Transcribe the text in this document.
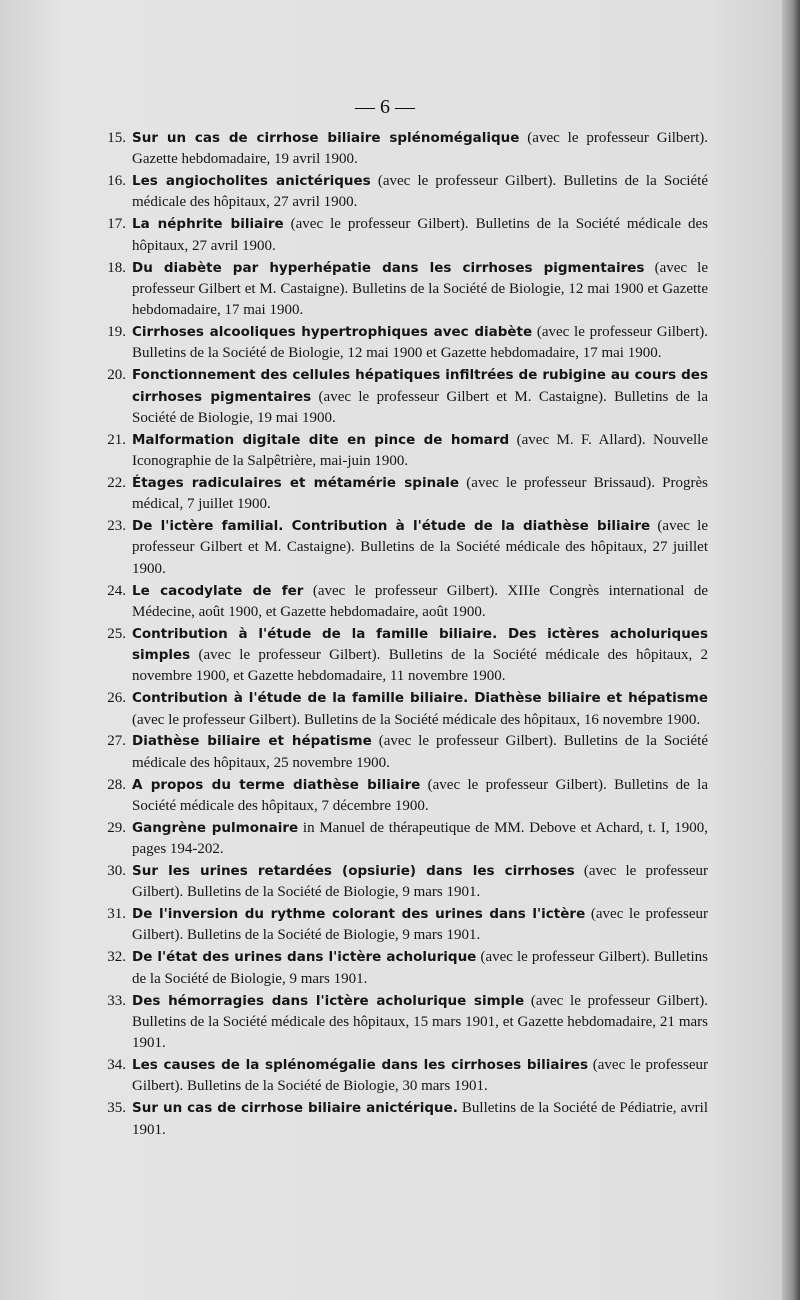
— 6 —
15. Sur un cas de cirrhose biliaire splénomégalique (avec le professeur Gilbert). Gazette hebdomadaire, 19 avril 1900.
16. Les angiocholites anictériques (avec le professeur Gilbert). Bulletins de la Société médicale des hôpitaux, 27 avril 1900.
17. La néphrite biliaire (avec le professeur Gilbert). Bulletins de la Société médicale des hôpitaux, 27 avril 1900.
18. Du diabète par hyperhépatie dans les cirrhoses pigmentaires (avec le professeur Gilbert et M. Castaigne). Bulletins de la Société de Biologie, 12 mai 1900 et Gazette hebdomadaire, 17 mai 1900.
19. Cirrhoses alcooliques hypertrophiques avec diabète (avec le professeur Gilbert). Bulletins de la Société de Biologie, 12 mai 1900 et Gazette hebdomadaire, 17 mai 1900.
20. Fonctionnement des cellules hépatiques infiltrées de rubigine au cours des cirrhoses pigmentaires (avec le professeur Gilbert et M. Castaigne). Bulletins de la Société de Biologie, 19 mai 1900.
21. Malformation digitale dite en pince de homard (avec M. F. Allard). Nouvelle Iconographie de la Salpêtrière, mai-juin 1900.
22. Étages radiculaires et métamérie spinale (avec le professeur Brissaud). Progrès médical, 7 juillet 1900.
23. De l'ictère familial. Contribution à l'étude de la diathèse biliaire (avec le professeur Gilbert et M. Castaigne). Bulletins de la Société médicale des hôpitaux, 27 juillet 1900.
24. Le cacodylate de fer (avec le professeur Gilbert). XIIIe Congrès international de Médecine, août 1900, et Gazette hebdomadaire, août 1900.
25. Contribution à l'étude de la famille biliaire. Des ictères acholuriques simples (avec le professeur Gilbert). Bulletins de la Société médicale des hôpitaux, 2 novembre 1900, et Gazette hebdomadaire, 11 novembre 1900.
26. Contribution à l'étude de la famille biliaire. Diathèse biliaire et hépatisme (avec le professeur Gilbert). Bulletins de la Société médicale des hôpitaux, 16 novembre 1900.
27. Diathèse biliaire et hépatisme (avec le professeur Gilbert). Bulletins de la Société médicale des hôpitaux, 25 novembre 1900.
28. A propos du terme diathèse biliaire (avec le professeur Gilbert). Bulletins de la Société médicale des hôpitaux, 7 décembre 1900.
29. Gangrène pulmonaire in Manuel de thérapeutique de MM. Debove et Achard, t. I, 1900, pages 194-202.
30. Sur les urines retardées (opsiurie) dans les cirrhoses (avec le professeur Gilbert). Bulletins de la Société de Biologie, 9 mars 1901.
31. De l'inversion du rythme colorant des urines dans l'ictère (avec le professeur Gilbert). Bulletins de la Société de Biologie, 9 mars 1901.
32. De l'état des urines dans l'ictère acholurique (avec le professeur Gilbert). Bulletins de la Société de Biologie, 9 mars 1901.
33. Des hémorragies dans l'ictère acholurique simple (avec le professeur Gilbert). Bulletins de la Société médicale des hôpitaux, 15 mars 1901, et Gazette hebdomadaire, 21 mars 1901.
34. Les causes de la splénomégalie dans les cirrhoses biliaires (avec le professeur Gilbert). Bulletins de la Société de Biologie, 30 mars 1901.
35. Sur un cas de cirrhose biliaire anictérique. Bulletins de la Société de Pédiatrie, avril 1901.
